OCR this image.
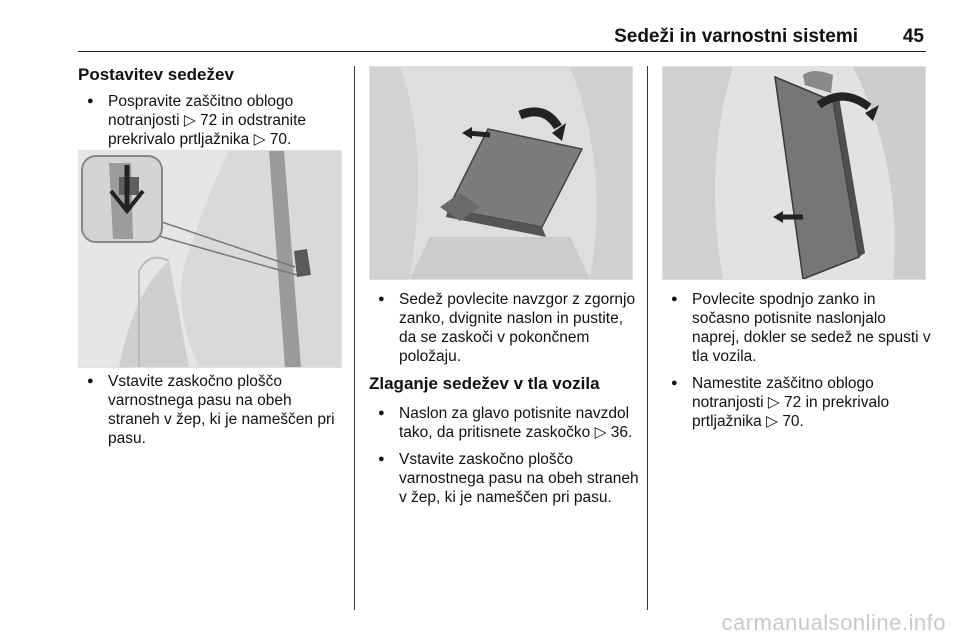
Sedeži in varnostni sistemi 45
Postavitev sedežev
● Pospravite zaščitno oblogo notranjosti ▷ 72 in odstranite prekrivalo prtljažnika ▷ 70.
● Vstavite zaskočno ploščo varnostnega pasu na obeh straneh v žep, ki je nameščen pri pasu.
● Sedež povlecite navzgor z zgornjo zanko, dvignite naslon in pustite, da se zaskoči v pokončnem položaju.
Zlaganje sedežev v tla vozila
● Naslon za glavo potisnite navzdol tako, da pritisnete zaskočko ▷ 36.
● Vstavite zaskočno ploščo varnostnega pasu na obeh straneh v žep, ki je nameščen pri pasu.
● Povlecite spodnjo zanko in sočasno potisnite naslonjalo naprej, dokler se sedež ne spusti v tla vozila.
● Namestite zaščitno oblogo notranjosti ▷ 72 in prekrivalo prtljažnika ▷ 70.
carmanualsonline.info
